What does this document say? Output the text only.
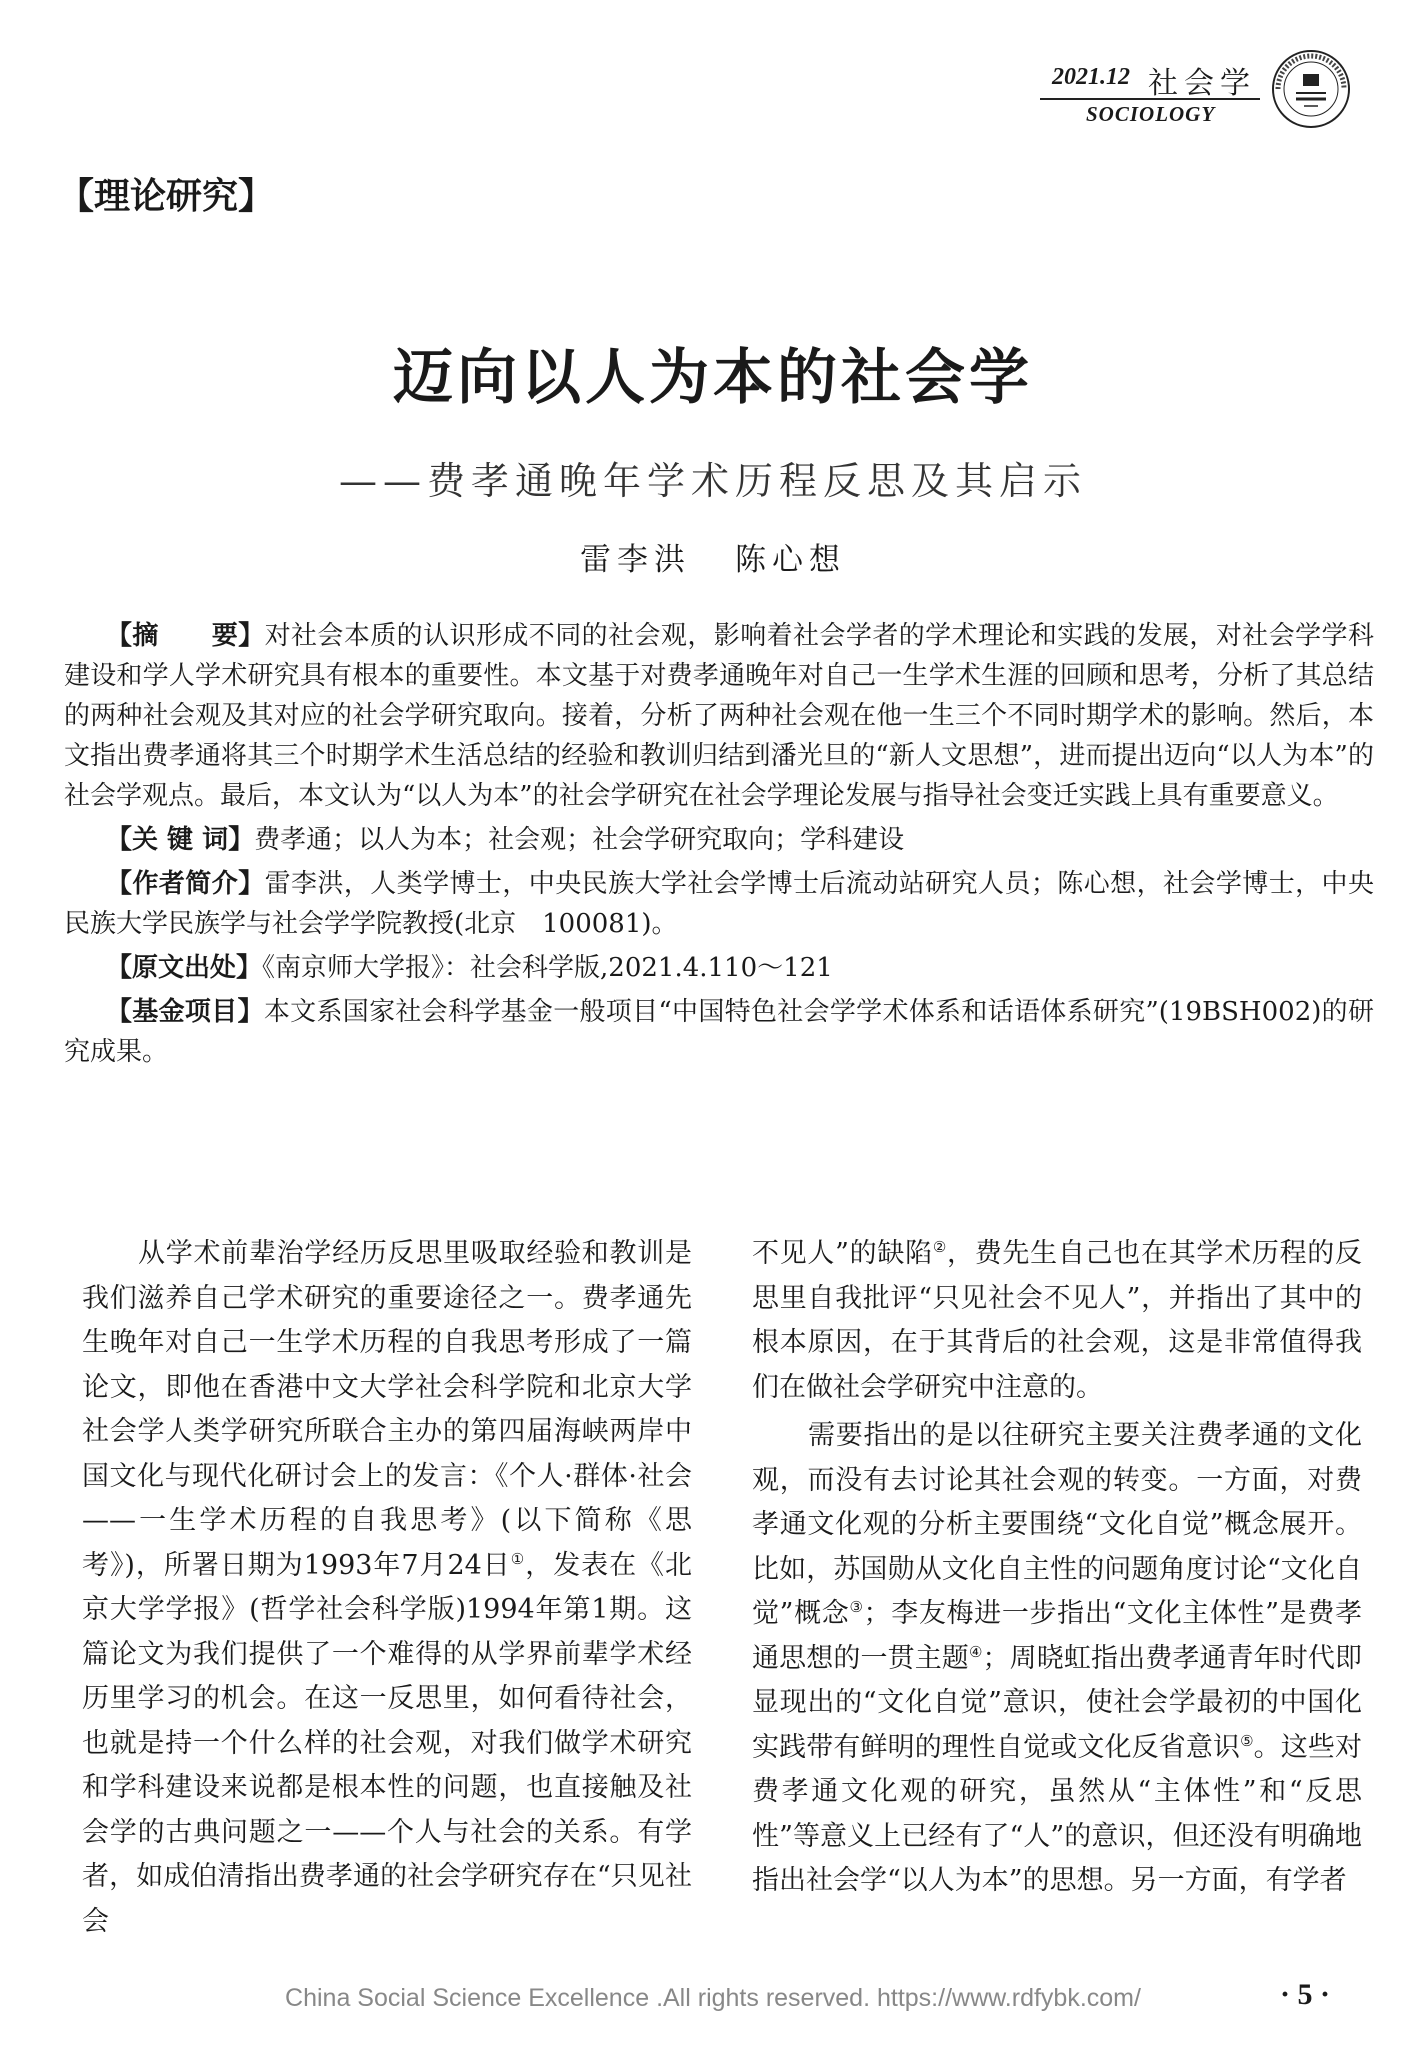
2021.12 社会学
SOCIOLOGY
【理论研究】
迈向以人为本的社会学
——费孝通晚年学术历程反思及其启示
雷李洪 陈心想

【摘　　要】对社会本质的认识形成不同的社会观，影响着社会学者的学术理论和实践的发展，对社会学学科建设和学人学术研究具有根本的重要性。本文基于对费孝通晚年对自己一生学术生涯的回顾和思考，分析了其总结的两种社会观及其对应的社会学研究取向。接着，分析了两种社会观在他一生三个不同时期学术的影响。然后，本文指出费孝通将其三个时期学术生活总结的经验和教训归结到潘光旦的“新人文思想”，进而提出迈向“以人为本”的社会学观点。最后，本文认为“以人为本”的社会学研究在社会学理论发展与指导社会变迁实践上具有重要意义。

【关 键 词】费孝通；以人为本；社会观；社会学研究取向；学科建设

【作者简介】雷李洪，人类学博士，中央民族大学社会学博士后流动站研究人员；陈心想，社会学博士，中央民族大学民族学与社会学学院教授(北京　100081)。

【原文出处】《南京师大学报》：社会科学版,2021.4.110～121

【基金项目】本文系国家社会科学基金一般项目“中国特色社会学学术体系和话语体系研究”(19BSH002)的研究成果。

从学术前辈治学经历反思里吸取经验和教训是我们滋养自己学术研究的重要途径之一。费孝通先生晚年对自己一生学术历程的自我思考形成了一篇论文，即他在香港中文大学社会科学院和北京大学社会学人类学研究所联合主办的第四届海峡两岸中国文化与现代化研讨会上的发言：《个人·群体·社会——一生学术历程的自我思考》(以下简称《思考》)，所署日期为1993年7月24日①，发表在《北京大学学报》(哲学社会科学版)1994年第1期。这篇论文为我们提供了一个难得的从学界前辈学术经历里学习的机会。在这一反思里，如何看待社会，也就是持一个什么样的社会观，对我们做学术研究和学科建设来说都是根本性的问题，也直接触及社会学的古典问题之一——个人与社会的关系。有学者，如成伯清指出费孝通的社会学研究存在“只见社会

不见人”的缺陷②，费先生自己也在其学术历程的反思里自我批评“只见社会不见人”，并指出了其中的根本原因，在于其背后的社会观，这是非常值得我们在做社会学研究中注意的。

需要指出的是以往研究主要关注费孝通的文化观，而没有去讨论其社会观的转变。一方面，对费孝通文化观的分析主要围绕“文化自觉”概念展开。比如，苏国勋从文化自主性的问题角度讨论“文化自觉”概念③；李友梅进一步指出“文化主体性”是费孝通思想的一贯主题④；周晓虹指出费孝通青年时代即显现出的“文化自觉”意识，使社会学最初的中国化实践带有鲜明的理性自觉或文化反省意识⑤。这些对费孝通文化观的研究，虽然从“主体性”和“反思性”等意义上已经有了“人”的意识，但还没有明确地指出社会学“以人为本”的思想。另一方面，有学者

China Social Science Excellence .All rights reserved. https://www.rdfybk.com/	· 5 ·
